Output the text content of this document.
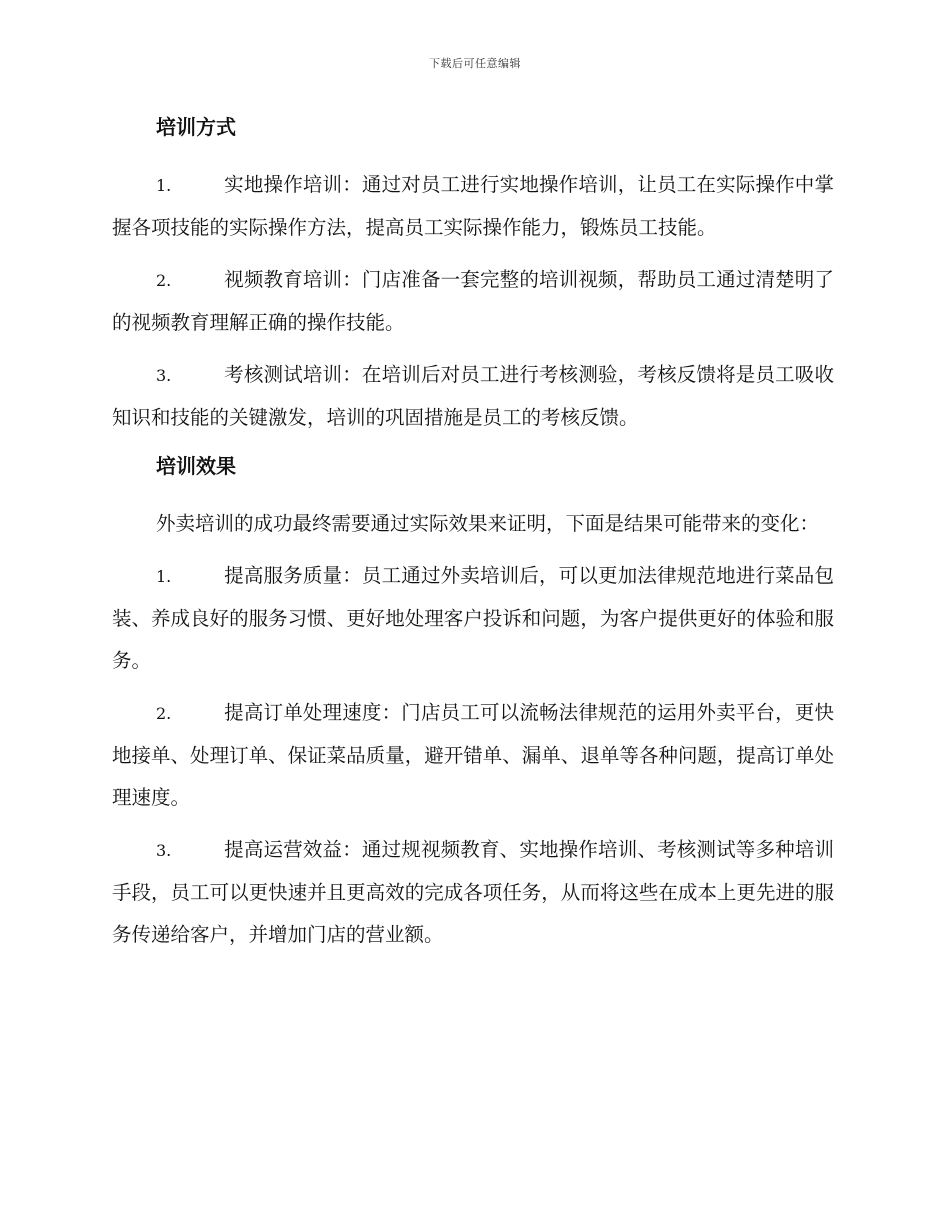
下载后可任意编辑
培训方式

1.	实地操作培训：通过对员工进行实地操作培训，让员工在实际操作中掌握各项技能的实际操作方法，提高员工实际操作能力，锻炼员工技能。

2.	视频教育培训：门店准备一套完整的培训视频，帮助员工通过清楚明了的视频教育理解正确的操作技能。

3.	考核测试培训：在培训后对员工进行考核测验，考核反馈将是员工吸收知识和技能的关键激发，培训的巩固措施是员工的考核反馈。

培训效果

外卖培训的成功最终需要通过实际效果来证明，下面是结果可能带来的变化：

1.	提高服务质量：员工通过外卖培训后，可以更加法律规范地进行菜品包装、养成良好的服务习惯、更好地处理客户投诉和问题，为客户提供更好的体验和服务。

2.	提高订单处理速度：门店员工可以流畅法律规范的运用外卖平台，更快地接单、处理订单、保证菜品质量，避开错单、漏单、退单等各种问题，提高订单处理速度。

3.	提高运营效益：通过规视频教育、实地操作培训、考核测试等多种培训手段，员工可以更快速并且更高效的完成各项任务，从而将这些在成本上更先进的服务传递给客户，并增加门店的营业额。
